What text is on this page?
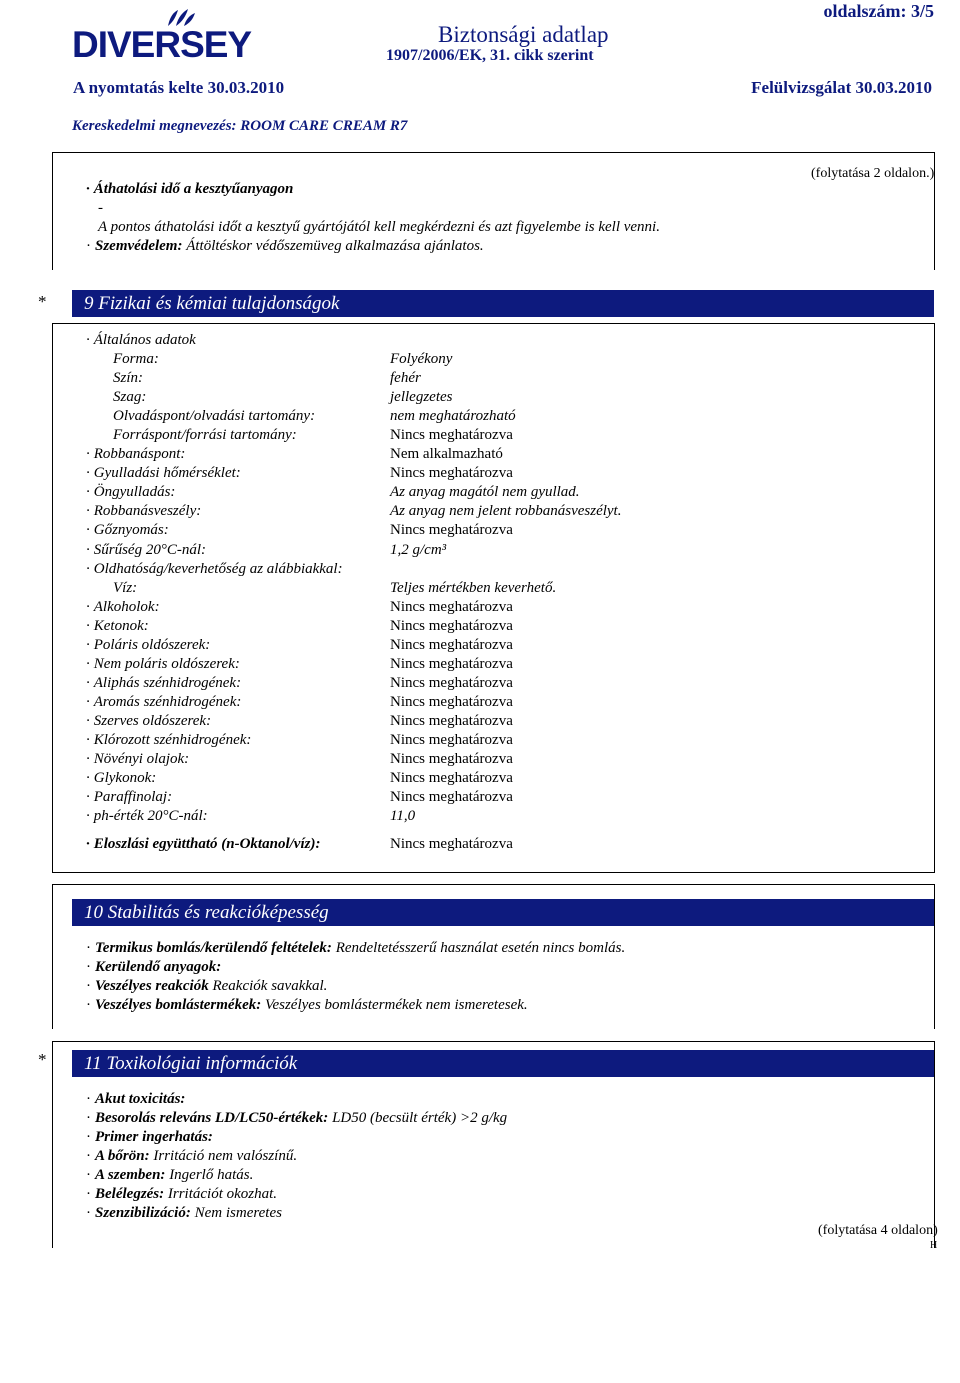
DIVERSEY	Biztonsági adatlap
1907/2006/EK, 31. cikk szerint
oldalszám: 3/5
A nyomtatás kelte 30.03.2010	Felülvizsgálat 30.03.2010
Kereskedelmi megnevezés: ROOM CARE CREAM R7
(folytatása 2 oldalon.)
· Áthatolási idő a kesztyűanyagon
-
A pontos áthatolási időt a kesztyű gyártójától kell megkérdezni és azt figyelembe is kell venni.
· Szemvédelem: Áttöltéskor védőszemüveg alkalmazása ajánlatos.
*	9 Fizikai és kémiai tulajdonságok
· Általános adatok
Forma:	Folyékony
Szín:	fehér
Szag:	jellegzetes
Olvadáspont/olvadási tartomány:	nem meghatározható
Forráspont/forrási tartomány:	Nincs meghatározva
· Robbanáspont:	Nem alkalmazható
· Gyulladási hőmérséklet:	Nincs meghatározva
· Öngyulladás:	Az anyag magától nem gyullad.
· Robbanásveszély:	Az anyag nem jelent robbanásveszélyt.
· Gőznyomás:	Nincs meghatározva
· Sűrűség 20°C-nál:	1,2 g/cm³
· Oldhatóság/keverhetőség az alábbiakkal:
Víz:	Teljes mértékben keverhető.
· Alkoholok:	Nincs meghatározva
· Ketonok:	Nincs meghatározva
· Poláris oldószerek:	Nincs meghatározva
· Nem poláris oldószerek:	Nincs meghatározva
· Aliphás szénhidrogének:	Nincs meghatározva
· Aromás szénhidrogének:	Nincs meghatározva
· Szerves oldószerek:	Nincs meghatározva
· Klórozott szénhidrogének:	Nincs meghatározva
· Növényi olajok:	Nincs meghatározva
· Glykonok:	Nincs meghatározva
· Paraffinolaj:	Nincs meghatározva
· ph-érték 20°C-nál:	11,0
· Eloszlási együttható (n-Oktanol/víz):	Nincs meghatározva
10 Stabilitás és reakcióképesség
· Termikus bomlás/kerülendő feltételek: Rendeltetésszerű használat esetén nincs bomlás.
· Kerülendő anyagok:
· Veszélyes reakciók Reakciók savakkal.
· Veszélyes bomlástermékek: Veszélyes bomlástermékek nem ismeretesek.
*	11 Toxikológiai információk
· Akut toxicitás:
· Besorolás releváns LD/LC50-értékek: LD50 (becsült érték) >2 g/kg
· Primer ingerhatás:
· A bőrön: Irritáció nem valószínű.
· A szemben: Ingerlő hatás.
· Belélegzés: Irritációt okozhat.
· Szenzibilizáció: Nem ismeretes
(folytatása 4 oldalon)
H
